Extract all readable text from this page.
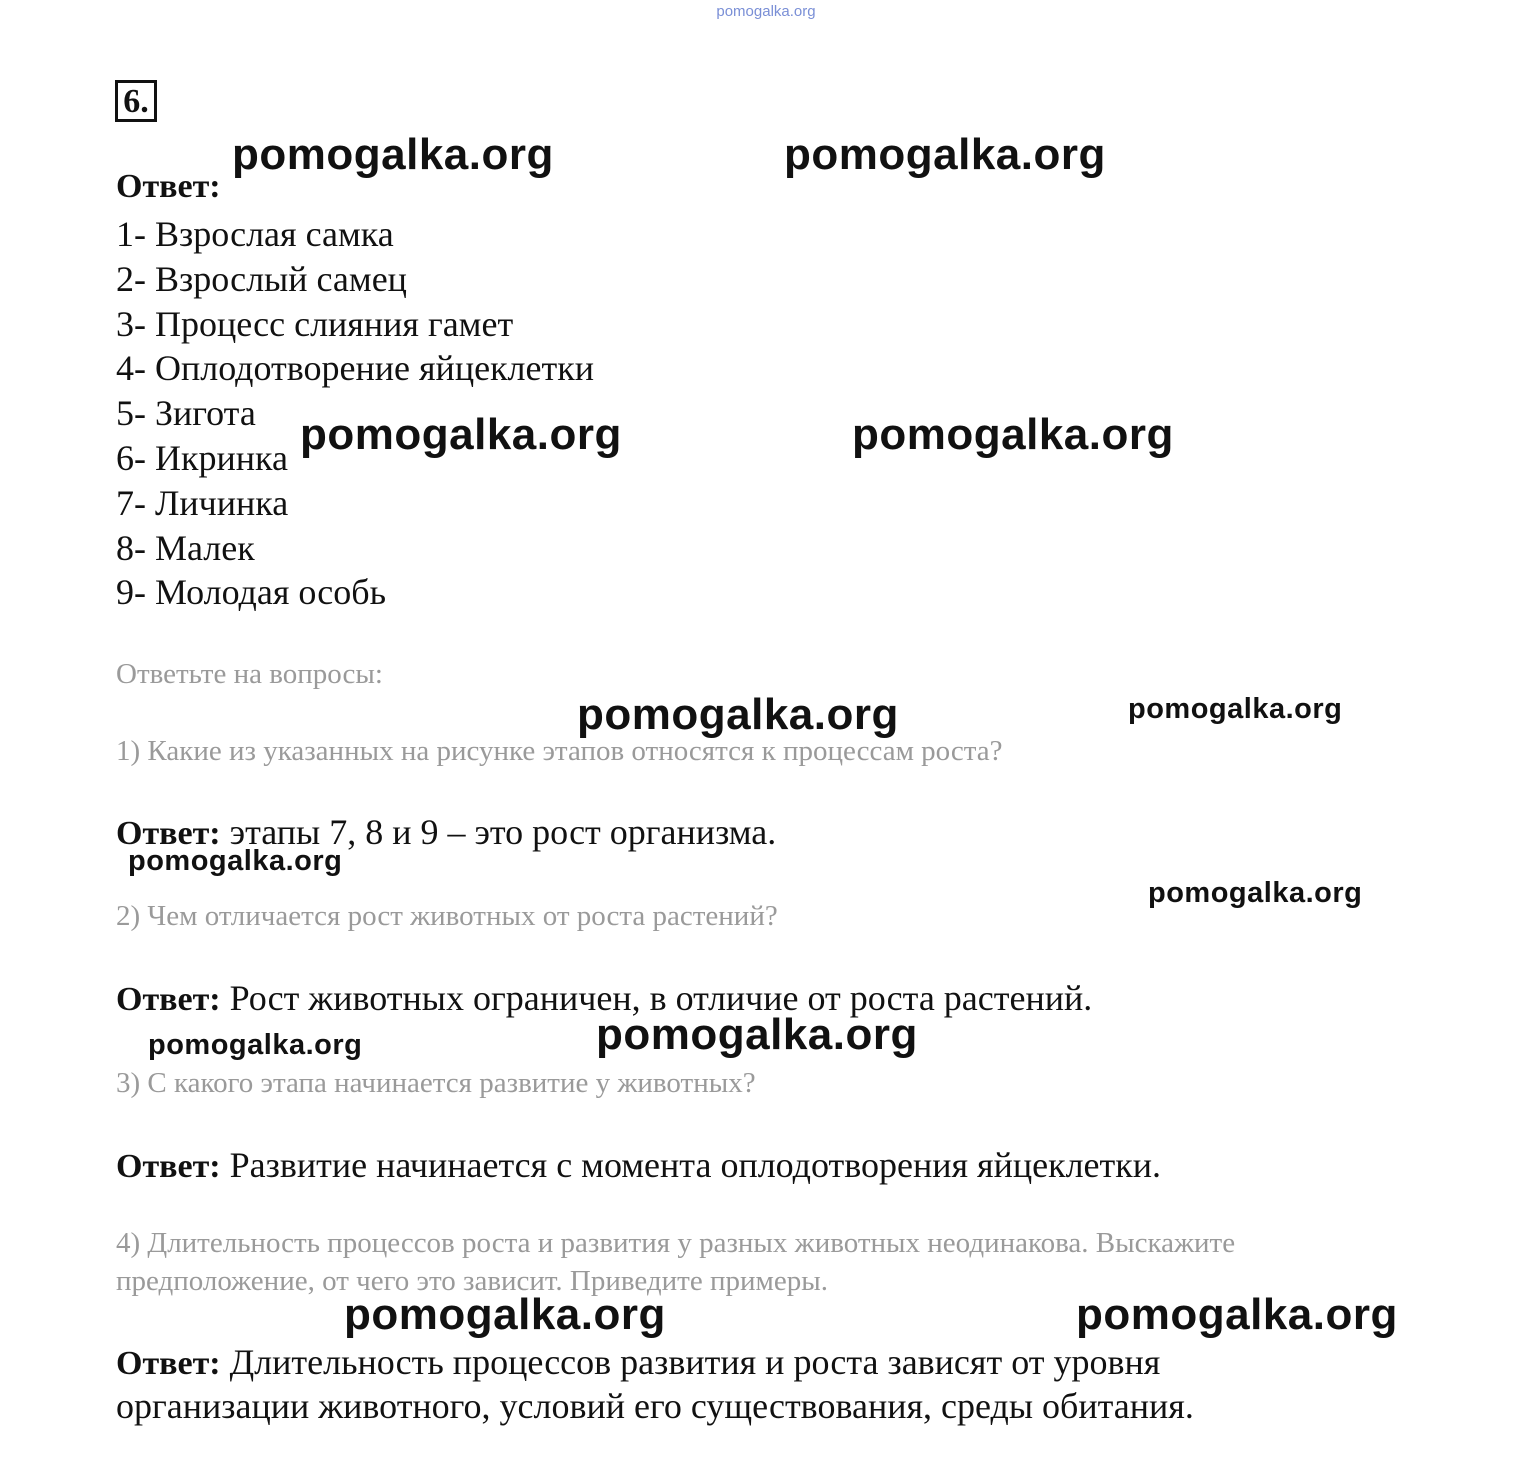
pomogalka.org
6.
Ответ:
1- Взрослая самка
2- Взрослый самец
3- Процесс слияния гамет
4- Оплодотворение яйцеклетки
5- Зигота
6- Икринка
7- Личинка
8- Малек
9- Молодая особь
Ответьте на вопросы:
1) Какие из указанных на рисунке этапов относятся к процессам роста?
Ответ: этапы 7, 8 и 9 – это рост организма.
2) Чем отличается рост животных от роста растений?
Ответ: Рост животных ограничен, в отличие от роста растений.
3) С какого этапа начинается развитие у животных?
Ответ: Развитие начинается с момента оплодотворения яйцеклетки.
4) Длительность процессов роста и развития у разных животных неодинакова. Выскажите предположение, от чего это зависит. Приведите примеры.
Ответ: Длительность процессов развития и роста зависят от уровня
организации животного, условий его существования, среды обитания.
pomogalka.org	pomogalka.org
pomogalka.org	pomogalka.org
pomogalka.org	pomogalka.org
pomogalka.org
pomogalka.org
pomogalka.org	pomogalka.org
pomogalka.org	pomogalka.org
